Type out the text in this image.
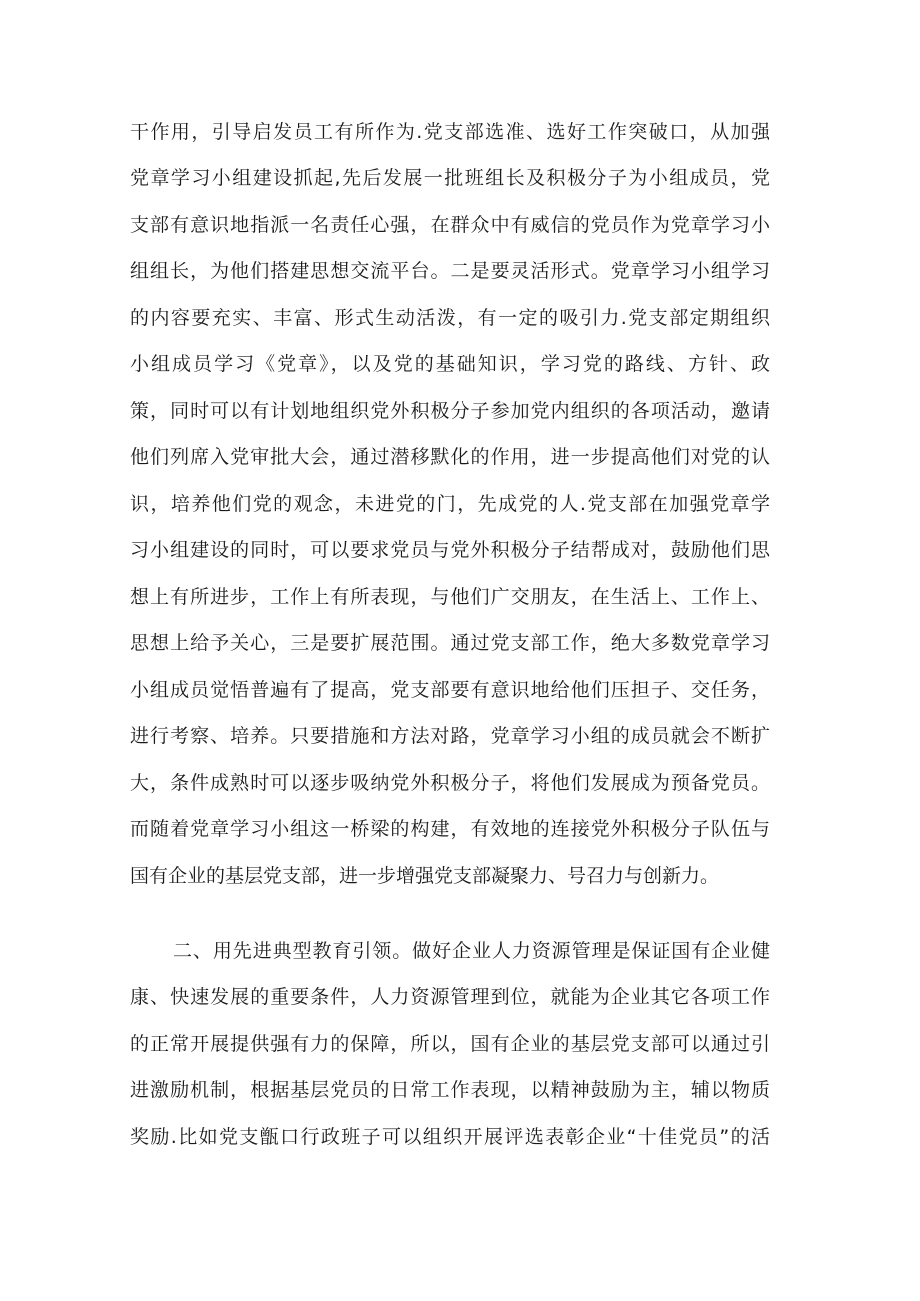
干作用，引导启发员工有所作为.党支部选准、选好工作突破口，从加强
党章学习小组建设抓起,先后发展一批班组长及积极分子为小组成员，党
支部有意识地指派一名责任心强，在群众中有威信的党员作为党章学习小
组组长，为他们搭建思想交流平台。二是要灵活形式。党章学习小组学习
的内容要充实、丰富、形式生动活泼，有一定的吸引力.党支部定期组织
小组成员学习《党章》，以及党的基础知识，学习党的路线、方针、政
策，同时可以有计划地组织党外积极分子参加党内组织的各项活动，邀请
他们列席入党审批大会，通过潜移默化的作用，进一步提高他们对党的认
识，培养他们党的观念，未进党的门，先成党的人.党支部在加强党章学
习小组建设的同时，可以要求党员与党外积极分子结帮成对，鼓励他们思
想上有所进步，工作上有所表现，与他们广交朋友，在生活上、工作上、
思想上给予关心，三是要扩展范围。通过党支部工作，绝大多数党章学习
小组成员觉悟普遍有了提高，党支部要有意识地给他们压担子、交任务，
进行考察、培养。只要措施和方法对路，党章学习小组的成员就会不断扩
大，条件成熟时可以逐步吸纳党外积极分子，将他们发展成为预备党员。
而随着党章学习小组这一桥梁的构建，有效地的连接党外积极分子队伍与
国有企业的基层党支部，进一步增强党支部凝聚力、号召力与创新力。
二、用先进典型教育引领。做好企业人力资源管理是保证国有企业健
康、快速发展的重要条件，人力资源管理到位，就能为企业其它各项工作
的正常开展提供强有力的保障，所以，国有企业的基层党支部可以通过引
进激励机制，根据基层党员的日常工作表现，以精神鼓励为主，辅以物质
奖励.比如党支甑口行政班子可以组织开展评选表彰企业“十佳党员”的活
